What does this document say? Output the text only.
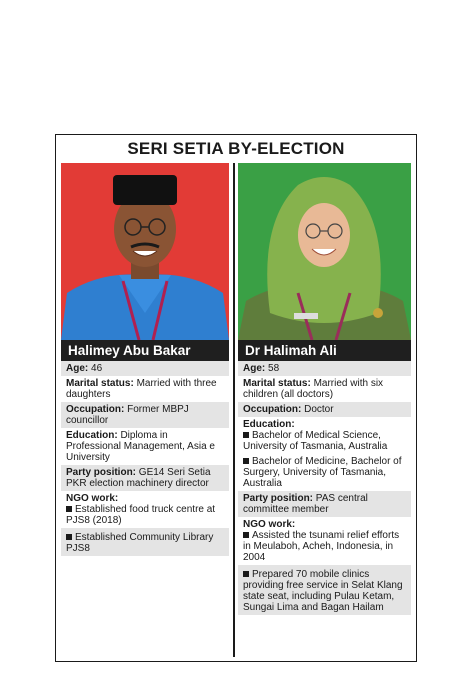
SERI SETIA BY-ELECTION
Halimey Abu Bakar
Age: 46
Marital status: Married with three daughters
Occupation: Former MBPJ councillor
Education: Diploma in Professional Management, Asia e University
Party position: GE14 Seri Setia PKR election machinery director
NGO work:
Established food truck centre at PJS8 (2018)
Established Community Library PJS8
Dr Halimah Ali
Age: 58
Marital status: Married with six children (all doctors)
Occupation: Doctor
Education:
Bachelor of Medical Science, University of Tasmania, Australia
Bachelor of Medicine, Bachelor of Surgery, University of Tasmania, Australia
Party position: PAS central committee member
NGO work:
Assisted the tsunami relief efforts in Meulaboh, Acheh, Indonesia, in 2004
Prepared 70 mobile clinics providing free service in Selat Klang state seat, including Pulau Ketam, Sungai Lima and Bagan Hailam
